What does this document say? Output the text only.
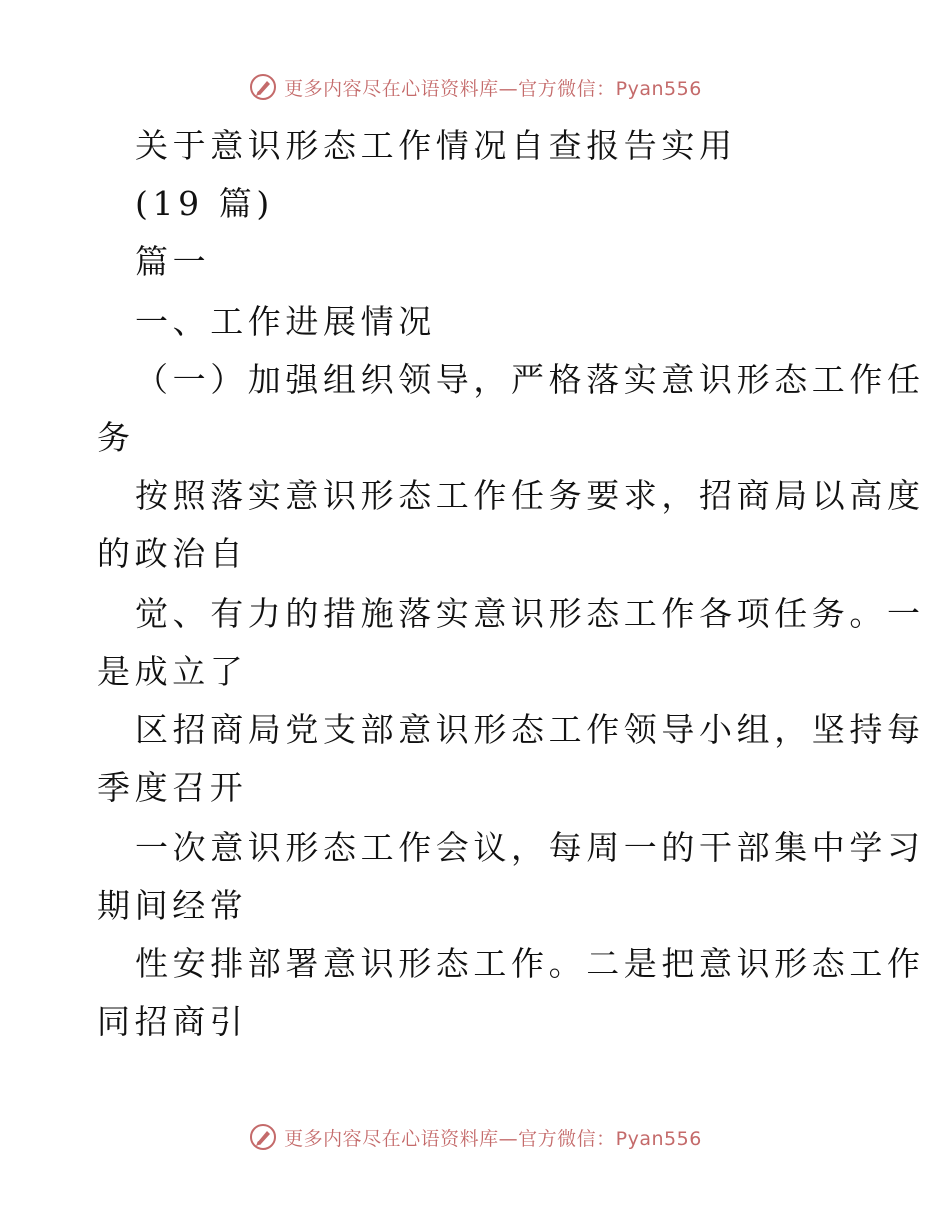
更多内容尽在心语资料库—官方微信：Pyan556
关于意识形态工作情况自查报告实用
(19 篇)
篇一
一、工作进展情况
（一）加强组织领导，严格落实意识形态工作任
务
按照落实意识形态工作任务要求，招商局以高度
的政治自
觉、有力的措施落实意识形态工作各项任务。一
是成立了
区招商局党支部意识形态工作领导小组，坚持每
季度召开
一次意识形态工作会议，每周一的干部集中学习
期间经常
性安排部署意识形态工作。二是把意识形态工作
同招商引
更多内容尽在心语资料库—官方微信：Pyan556
